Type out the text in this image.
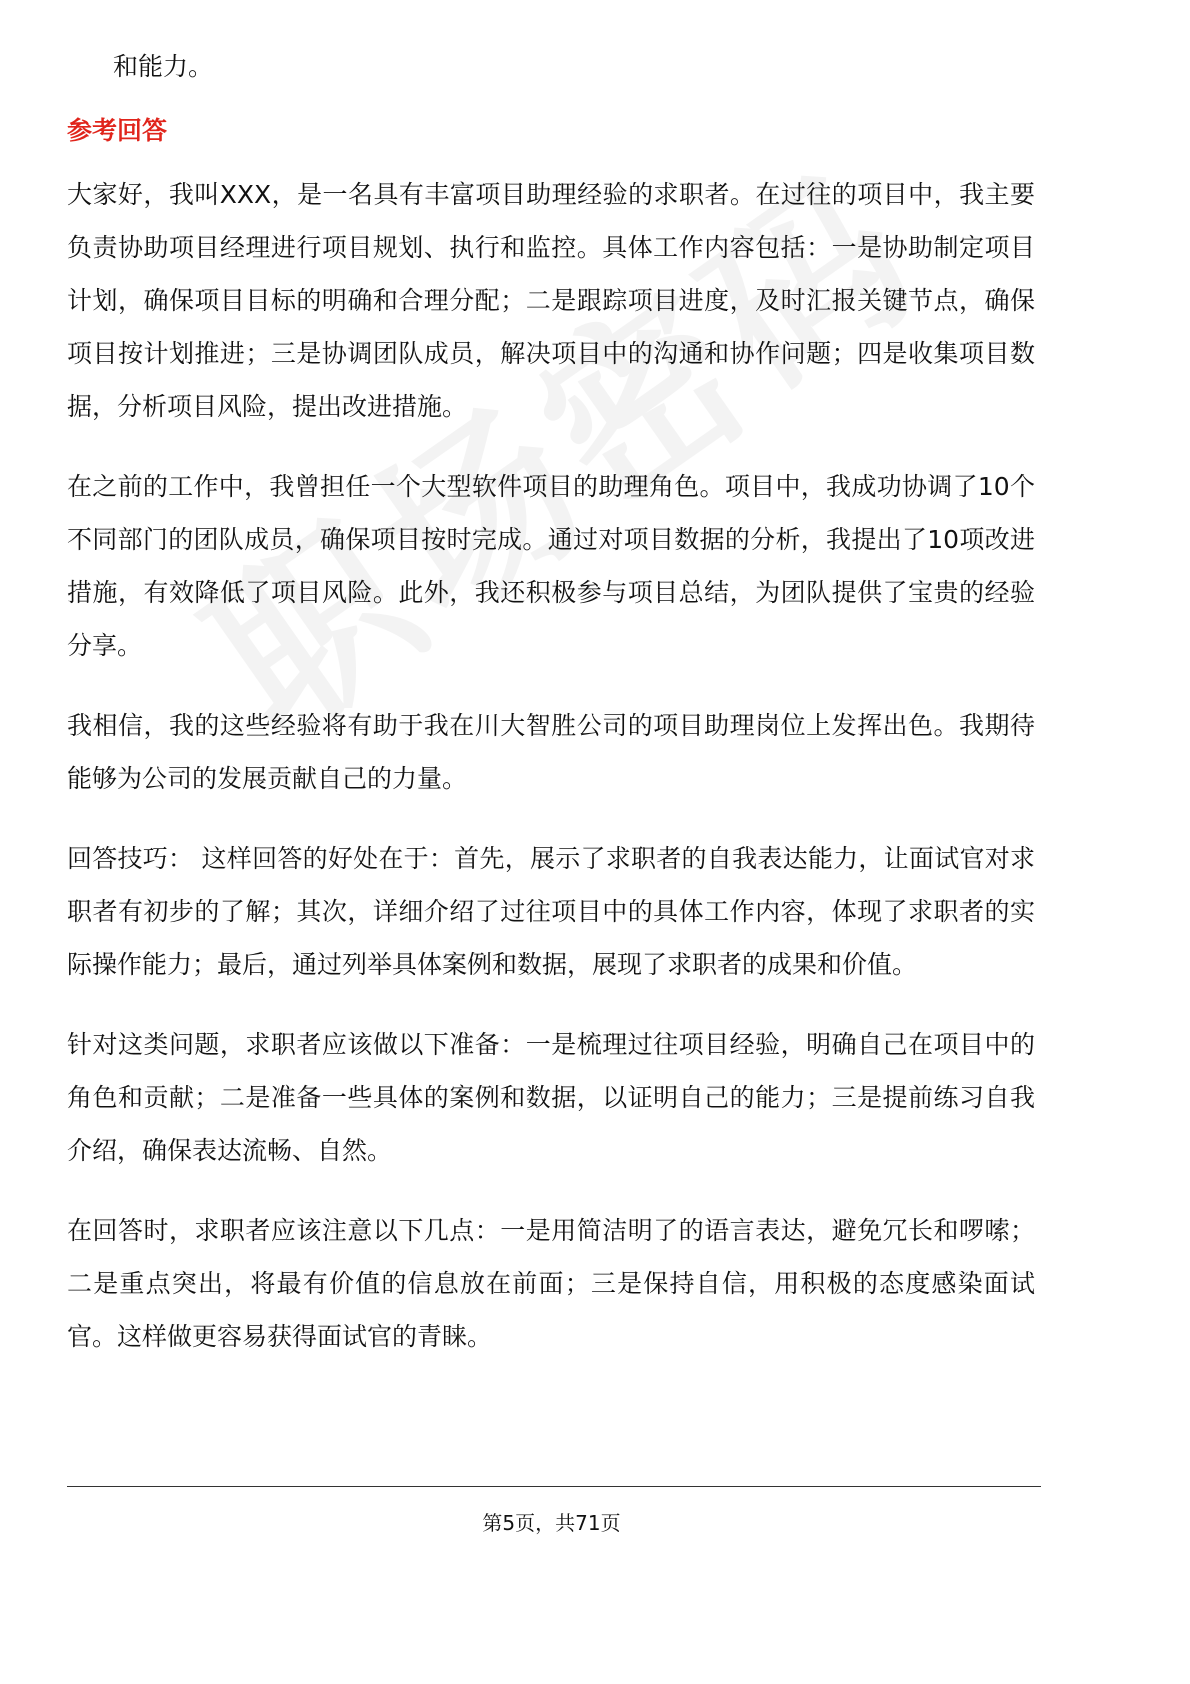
和能力。

参考回答

大家好，我叫XXX，是一名具有丰富项目助理经验的求职者。在过往的项目中，我主要负责协助项目经理进行项目规划、执行和监控。具体工作内容包括：一是协助制定项目计划，确保项目目标的明确和合理分配；二是跟踪项目进度，及时汇报关键节点，确保项目按计划推进；三是协调团队成员，解决项目中的沟通和协作问题；四是收集项目数据，分析项目风险，提出改进措施。

在之前的工作中，我曾担任一个大型软件项目的助理角色。项目中，我成功协调了10个不同部门的团队成员，确保项目按时完成。通过对项目数据的分析，我提出了10项改进措施，有效降低了项目风险。此外，我还积极参与项目总结，为团队提供了宝贵的经验分享。

我相信，我的这些经验将有助于我在川大智胜公司的项目助理岗位上发挥出色。我期待能够为公司的发展贡献自己的力量。

回答技巧： 这样回答的好处在于：首先，展示了求职者的自我表达能力，让面试官对求职者有初步的了解；其次，详细介绍了过往项目中的具体工作内容，体现了求职者的实际操作能力；最后，通过列举具体案例和数据，展现了求职者的成果和价值。

针对这类问题，求职者应该做以下准备：一是梳理过往项目经验，明确自己在项目中的角色和贡献；二是准备一些具体的案例和数据，以证明自己的能力；三是提前练习自我介绍，确保表达流畅、自然。

在回答时，求职者应该注意以下几点：一是用简洁明了的语言表达，避免冗长和啰嗦；二是重点突出，将最有价值的信息放在前面；三是保持自信，用积极的态度感染面试官。这样做更容易获得面试官的青睐。

第5页，共71页
